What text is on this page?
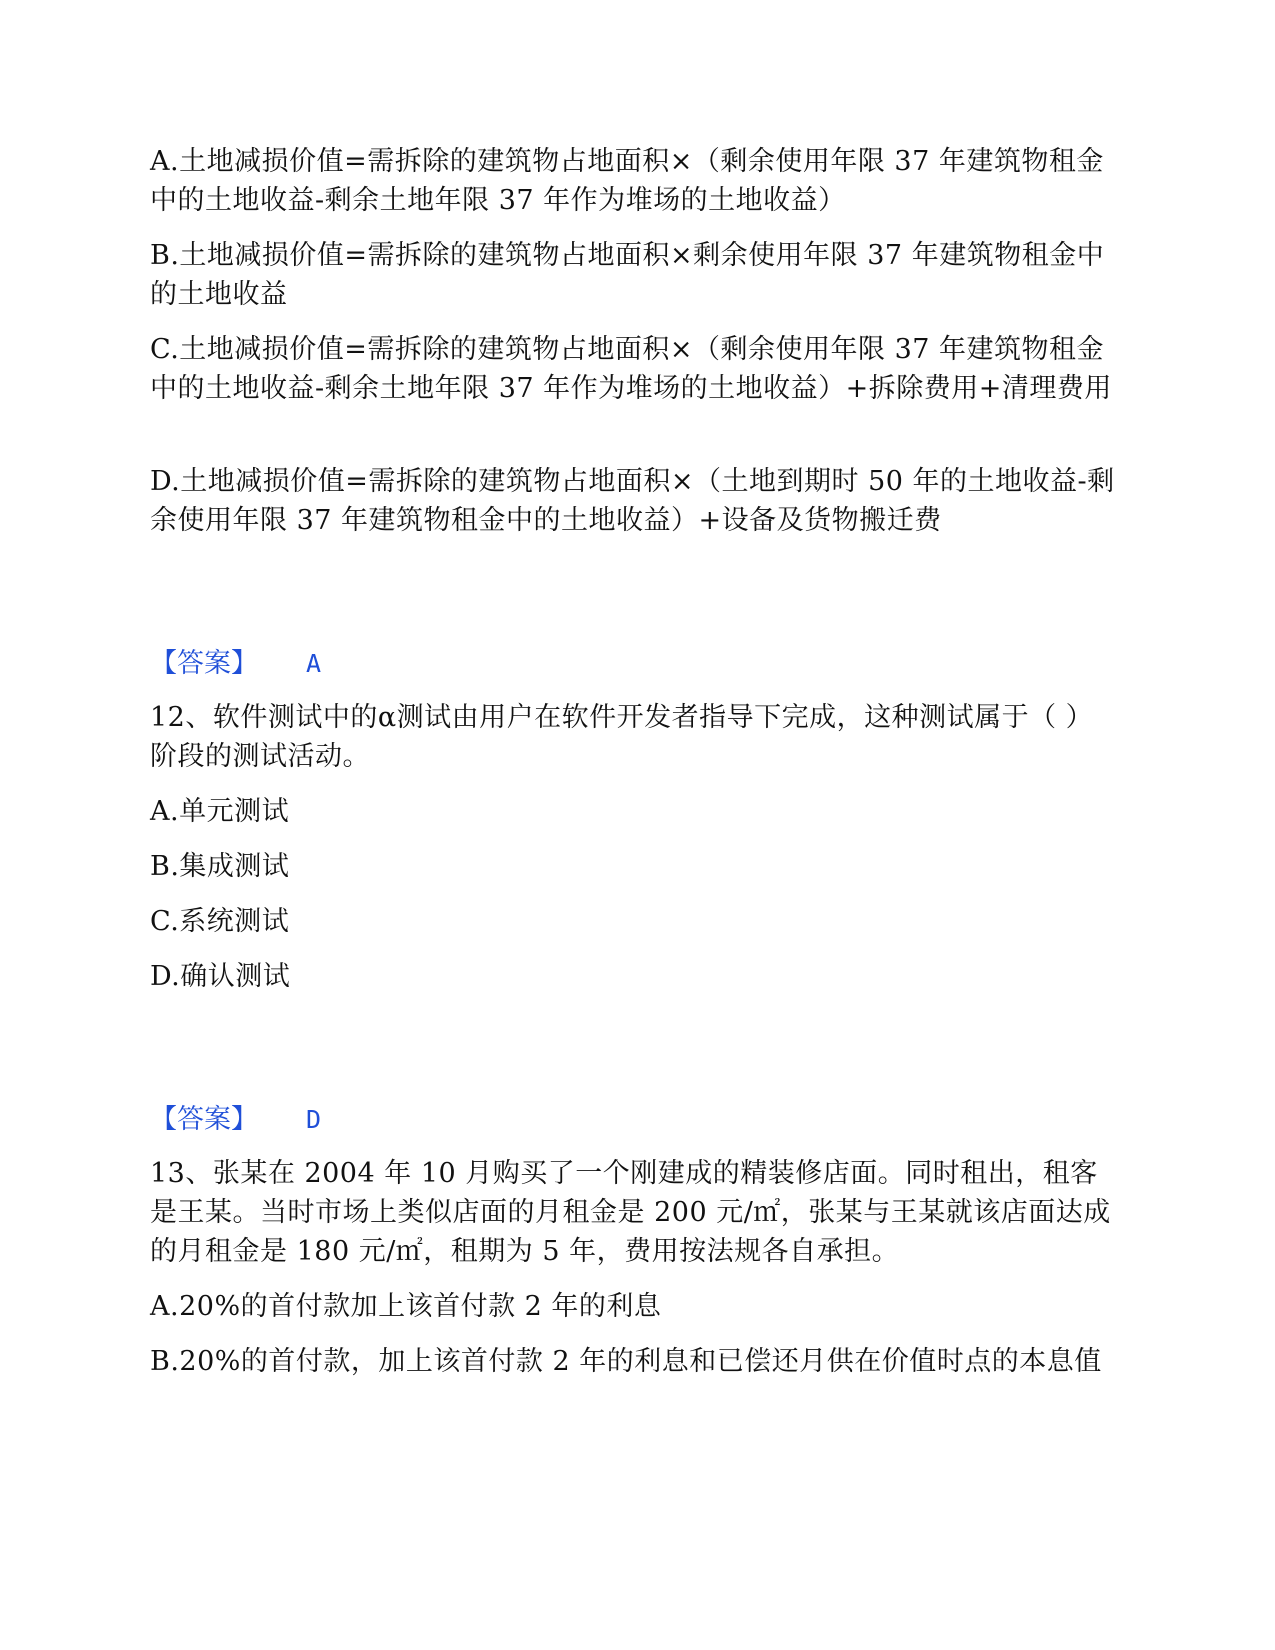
A.土地减损价值=需拆除的建筑物占地面积×（剩余使用年限 37 年建筑物租金中的土地收益-剩余土地年限 37 年作为堆场的土地收益）
B.土地减损价值=需拆除的建筑物占地面积×剩余使用年限 37 年建筑物租金中的土地收益
C.土地减损价值=需拆除的建筑物占地面积×（剩余使用年限 37 年建筑物租金中的土地收益-剩余土地年限 37 年作为堆场的土地收益）+拆除费用+清理费用
D.土地减损价值=需拆除的建筑物占地面积×（土地到期时 50 年的土地收益-剩余使用年限 37 年建筑物租金中的土地收益）+设备及货物搬迁费
【答案】 A
12、软件测试中的α测试由用户在软件开发者指导下完成，这种测试属于（ ）阶段的测试活动。
A.单元测试
B.集成测试
C.系统测试
D.确认测试
【答案】 D
13、张某在 2004 年 10 月购买了一个刚建成的精装修店面。同时租出，租客是王某。当时市场上类似店面的月租金是 200 元/㎡，张某与王某就该店面达成的月租金是 180 元/㎡，租期为 5 年，费用按法规各自承担。
A.20%的首付款加上该首付款 2 年的利息
B.20%的首付款，加上该首付款 2 年的利息和已偿还月供在价值时点的本息值
